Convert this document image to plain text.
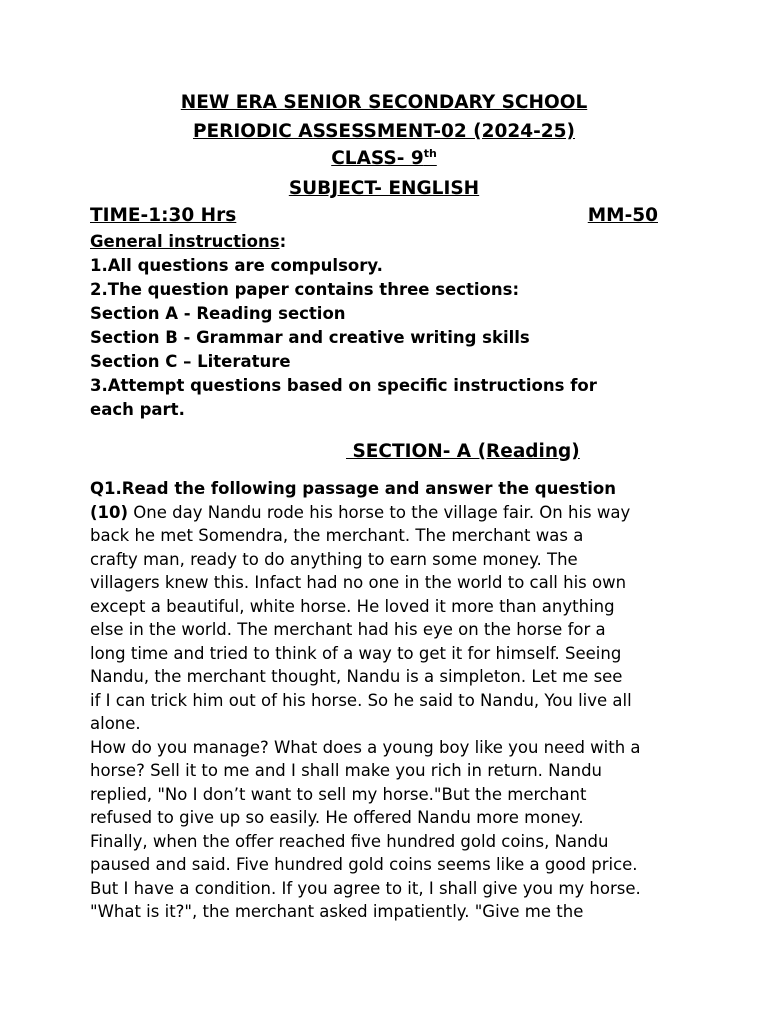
NEW ERA SENIOR SECONDARY SCHOOL
PERIODIC ASSESSMENT-02 (2024-25)
CLASS- 9th
SUBJECT- ENGLISH
TIME-1:30 Hrs	MM-50
General instructions:
1.All questions are compulsory.
2.The question paper contains three sections:
Section A - Reading section
Section B - Grammar and creative writing skills
Section C – Literature
3.Attempt questions based on specific instructions for
each part.
SECTION- A (Reading)
Q1.Read the following passage and answer the question
(10) One day Nandu rode his horse to the village fair. On his way
back he met Somendra, the merchant. The merchant was a
crafty man, ready to do anything to earn some money. The
villagers knew this. Infact had no one in the world to call his own
except a beautiful, white horse. He loved it more than anything
else in the world. The merchant had his eye on the horse for a
long time and tried to think of a way to get it for himself. Seeing
Nandu, the merchant thought, Nandu is a simpleton. Let me see
if I can trick him out of his horse. So he said to Nandu, You live all
alone.
How do you manage? What does a young boy like you need with a
horse? Sell it to me and I shall make you rich in return. Nandu
replied, "No I don’t want to sell my horse."But the merchant
refused to give up so easily. He offered Nandu more money.
Finally, when the offer reached five hundred gold coins, Nandu
paused and said. Five hundred gold coins seems like a good price.
But I have a condition. If you agree to it, I shall give you my horse.
"What is it?", the merchant asked impatiently. "Give me the
